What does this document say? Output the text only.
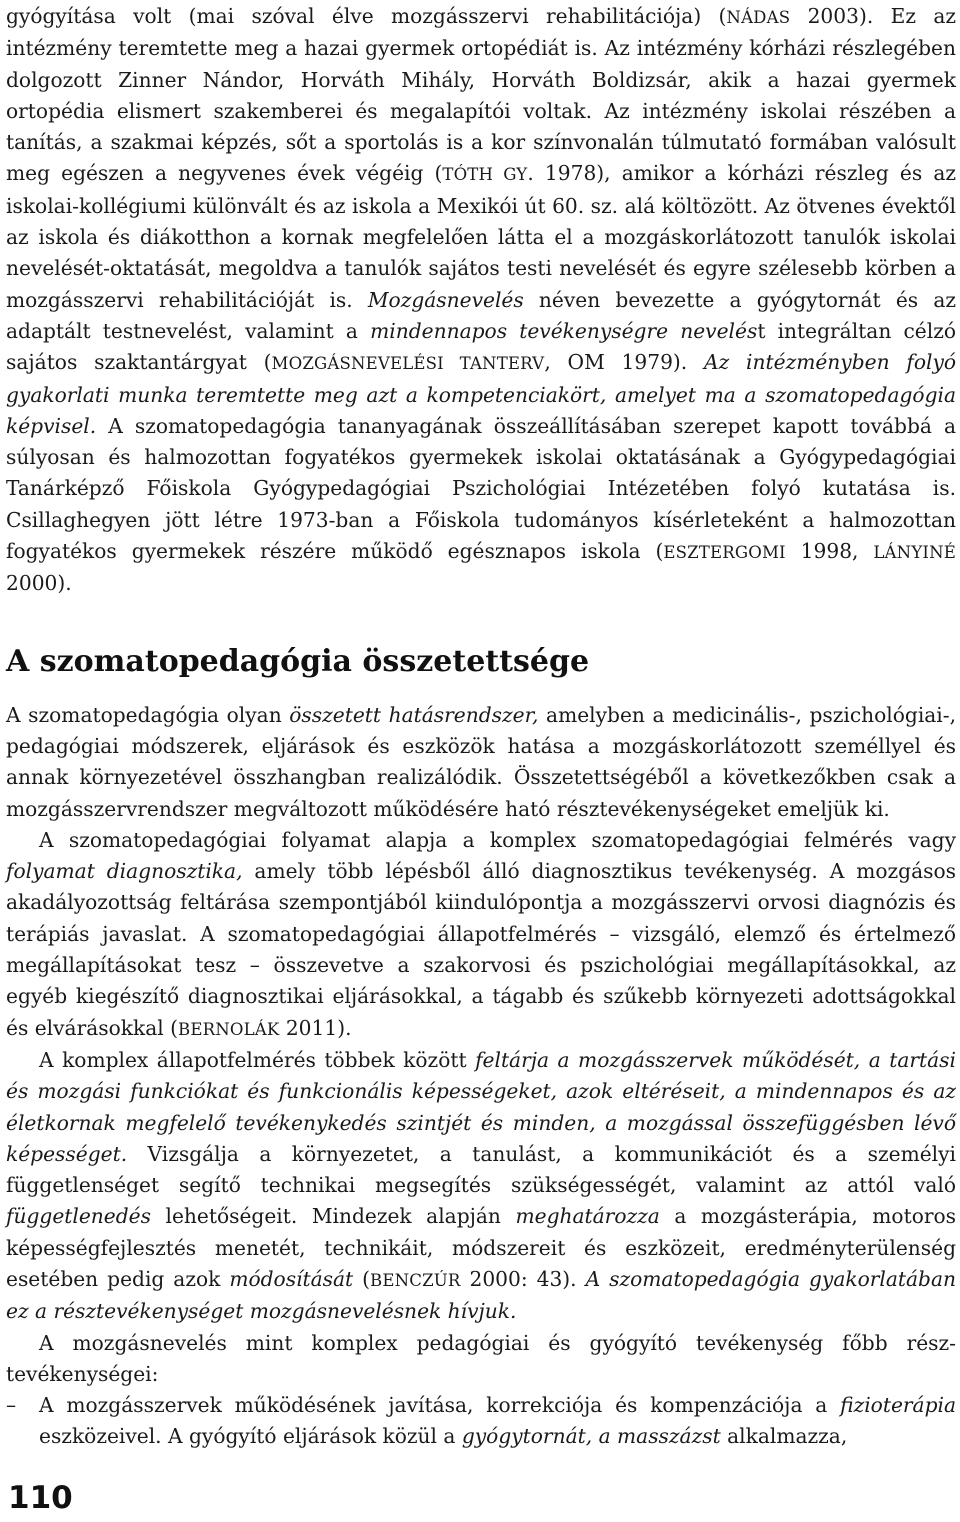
gyógyítása volt (mai szóval élve mozgásszervi rehabilitációja) (NÁDAS 2003). Ez az intézmény teremtette meg a hazai gyermek ortopédiát is. Az intézmény kórházi részlegében dolgozott Zinner Nándor, Horváth Mihály, Horváth Boldizsár, akik a hazai gyermek ortopédia elismert szakemberei és megalapítói voltak. Az intézmény iskolai részében a tanítás, a szakmai képzés, sőt a sportolás is a kor színvonalán túlmutató formában valósult meg egészen a negyvenes évek végéig (TÓTH GY. 1978), amikor a kórházi részleg és az iskolai-kollégiumi különvált és az iskola a Mexikói út 60. sz. alá költözött. Az ötvenes évektől az iskola és diákotthon a kornak megfelelően látta el a mozgáskorlátozott tanulók iskolai nevelését-oktatását, megoldva a tanulók sajátos testi nevelését és egyre szélesebb körben a mozgásszervi rehabilitációját is. Mozgásnevelés néven bevezette a gyógytornát és az adaptált testnevelést, valamint a mindennapos tevékenységre nevelést integráltan célzó sajátos szaktantárgyat (MOZGÁSNEVELÉSI TANTERV, OM 1979). Az intézményben folyó gyakorlati munka teremtette meg azt a kompetenciakört, amelyet ma a szomatopedagógia képvisel. A szomatopedagógia tananyagának összeállításában szerepet kapott továbbá a súlyosan és halmozottan fogyatékos gyermekek iskolai oktatásának a Gyógypedagógiai Tanárképző Főiskola Gyógypedagógiai Pszichológiai Intézetében folyó kutatása is. Csillaghegyen jött létre 1973-ban a Főiskola tudományos kísérleteként a halmozottan fogyatékos gyermekek részére működő egésznapos iskola (ESZTERGOMI 1998, LÁNYINÉ 2000).

A szomatopedagógia összetettsége

A szomatopedagógia olyan összetett hatásrendszer, amelyben a medicinális-, pszichológiai-, pedagógiai módszerek, eljárások és eszközök hatása a mozgáskorlátozott személlyel és annak környezetével összhangban realizálódik. Összetettségéből a következőkben csak a mozgásszervrendszer megváltozott működésére ható résztevékenységeket emeljük ki.

A szomatopedagógiai folyamat alapja a komplex szomatopedagógiai felmérés vagy folyamat diagnosztika, amely több lépésből álló diagnosztikus tevékenység. A mozgásos akadályozottság feltárása szempontjából kiindulópontja a mozgásszervi orvosi diagnózis és terápiás javaslat. A szomatopedagógiai állapotfelmérés – vizsgáló, elemző és értelmező megállapításokat tesz – összevetve a szakorvosi és pszichológiai megállapításokkal, az egyéb kiegészítő diagnosztikai eljárásokkal, a tágabb és szűkebb környezeti adottságokkal és elvárásokkal (BERNOLÁK 2011).

A komplex állapotfelmérés többek között feltárja a mozgásszervek működését, a tartási és mozgási funkciókat és funkcionális képességeket, azok eltéréseit, a mindennapos és az életkornak megfelelő tevékenykedés szintjét és minden, a mozgással összefüggésben lévő képességet. Vizsgálja a környezetet, a tanulást, a kommunikációt és a személyi függetlenséget segítő technikai megsegítés szükségességét, valamint az attól való függetlenedés lehetőségeit. Mindezek alapján meghatározza a mozgásterápia, motoros képességfejlesztés menetét, technikáit, módszereit és eszközeit, eredményterülenség esetében pedig azok módosítását (BENCZÚR 2000: 43). A szomatopedagógia gyakorlatában ez a résztevékenységet mozgásnevelésnek hívjuk.

A mozgásnevelés mint komplex pedagógiai és gyógyító tevékenység főbb résztevékenységei:

– A mozgásszervek működésének javítása, korrekciója és kompenzációja a fizioterápia eszközeivel. A gyógyító eljárások közül a gyógytornát, a masszázst alkalmazza,

110
